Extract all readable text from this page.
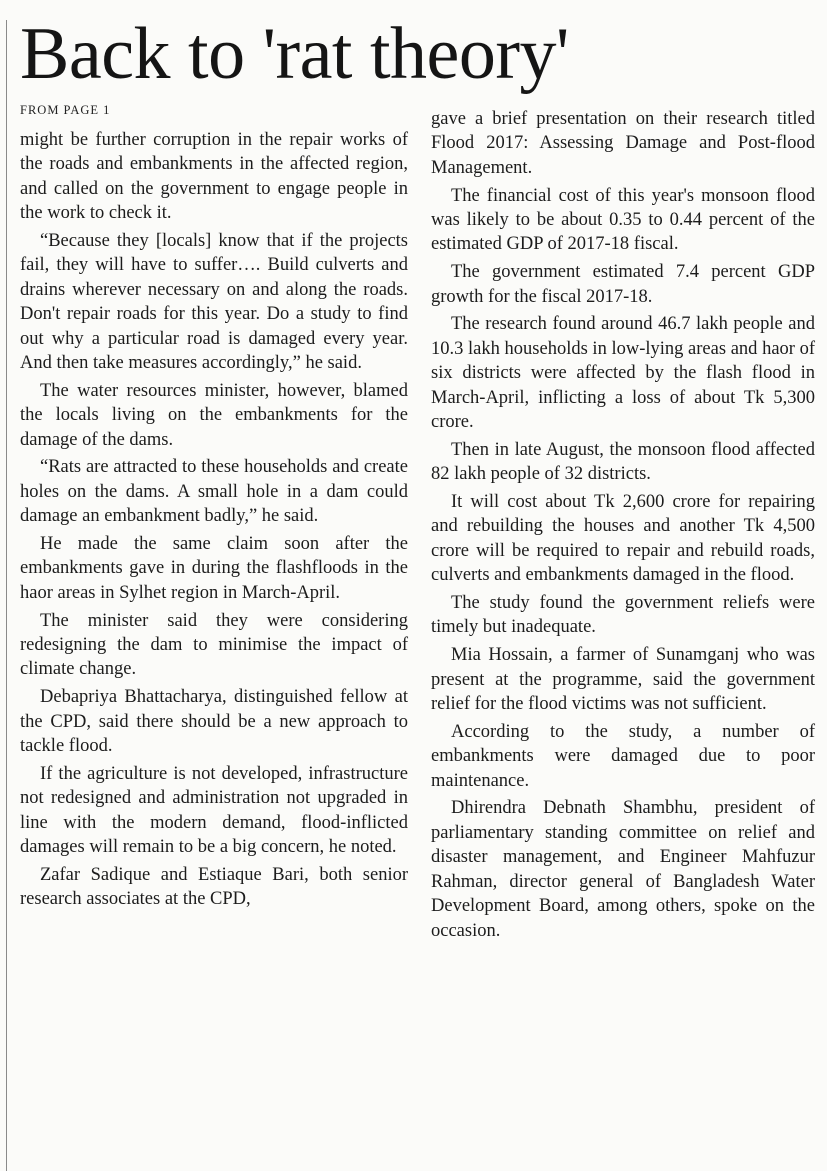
Back to 'rat theory'
FROM PAGE 1

might be further corruption in the repair works of the roads and embankments in the affected region, and called on the government to engage people in the work to check it.

“Because they [locals] know that if the projects fail, they will have to suffer…. Build culverts and drains wherever necessary on and along the roads. Don't repair roads for this year. Do a study to find out why a particular road is damaged every year. And then take measures accordingly,” he said.

The water resources minister, however, blamed the locals living on the embankments for the damage of the dams.

“Rats are attracted to these households and create holes on the dams. A small hole in a dam could damage an embankment badly,” he said.

He made the same claim soon after the embankments gave in during the flashfloods in the haor areas in Sylhet region in March-April.

The minister said they were considering redesigning the dam to minimise the impact of climate change.

Debapriya Bhattacharya, distinguished fellow at the CPD, said there should be a new approach to tackle flood.

If the agriculture is not developed, infrastructure not redesigned and administration not upgraded in line with the modern demand, flood-inflicted damages will remain to be a big concern, he noted.

Zafar Sadique and Estiaque Bari, both senior research associates at the CPD,

gave a brief presentation on their research titled Flood 2017: Assessing Damage and Post-flood Management.

The financial cost of this year's monsoon flood was likely to be about 0.35 to 0.44 percent of the estimated GDP of 2017-18 fiscal.

The government estimated 7.4 percent GDP growth for the fiscal 2017-18.

The research found around 46.7 lakh people and 10.3 lakh households in low-lying areas and haor of six districts were affected by the flash flood in March-April, inflicting a loss of about Tk 5,300 crore.

Then in late August, the monsoon flood affected 82 lakh people of 32 districts.

It will cost about Tk 2,600 crore for repairing and rebuilding the houses and another Tk 4,500 crore will be required to repair and rebuild roads, culverts and embankments damaged in the flood.

The study found the government reliefs were timely but inadequate.

Mia Hossain, a farmer of Sunamganj who was present at the programme, said the government relief for the flood victims was not sufficient.

According to the study, a number of embankments were damaged due to poor maintenance.

Dhirendra Debnath Shambhu, president of parliamentary standing committee on relief and disaster management, and Engineer Mahfuzur Rahman, director general of Bangladesh Water Development Board, among others, spoke on the occasion.
